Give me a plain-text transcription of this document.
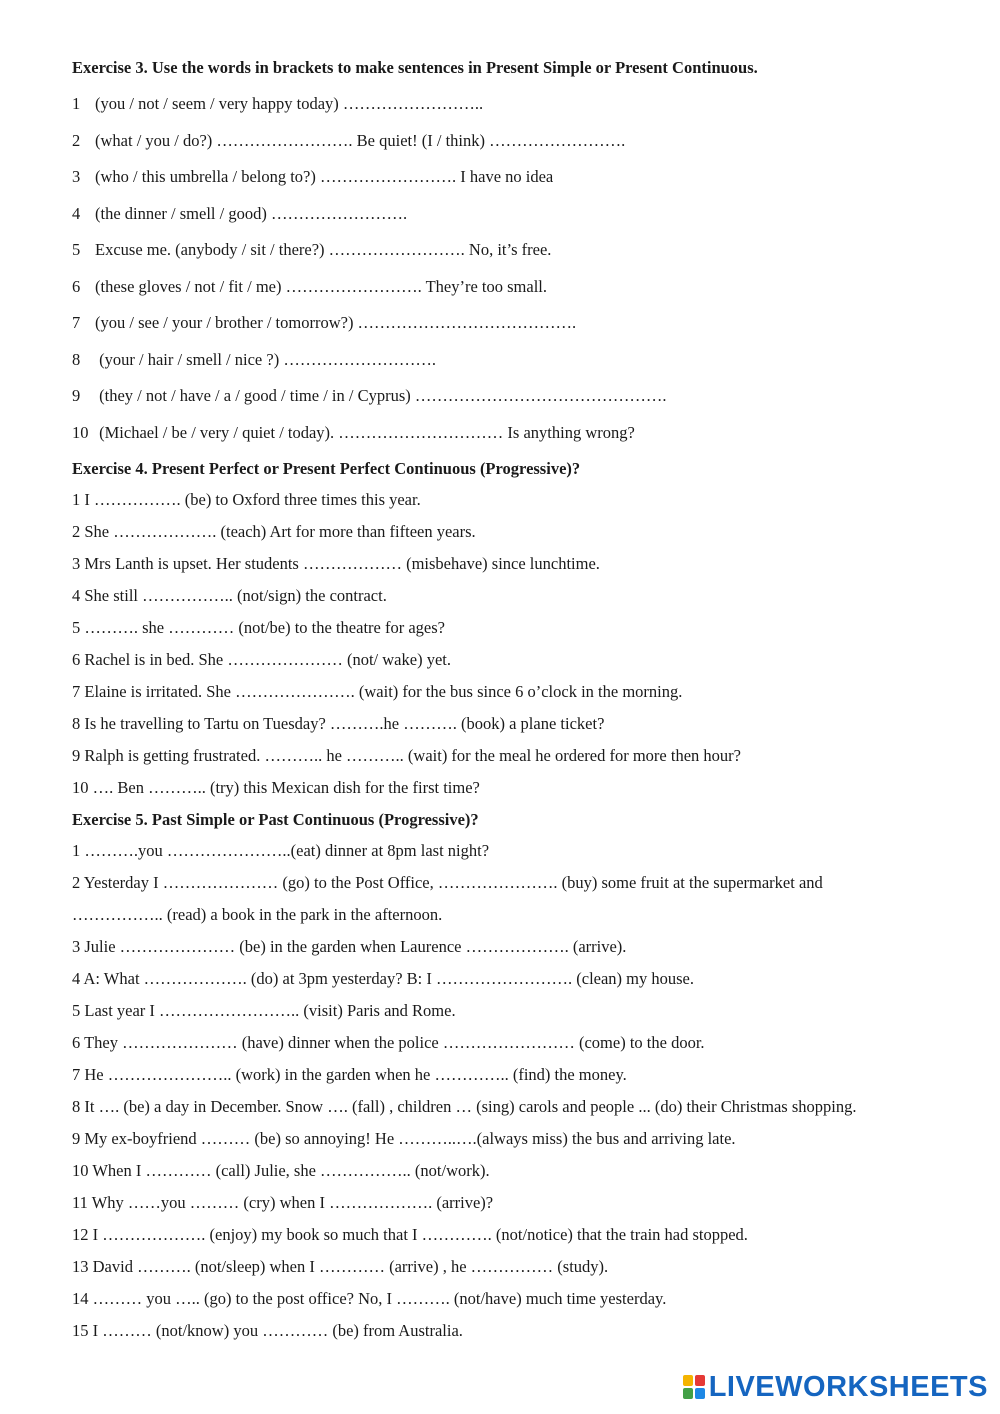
Exercise 3. Use the words in brackets to make sentences in Present Simple or Present Continuous.

1 (you / not / seem / very happy today) ……………………..

2 (what / you / do?) ……………………. Be quiet! (I / think) …………………….

3 (who / this umbrella / belong to?) ……………………. I have no idea

4 (the dinner / smell / good) …………………….

5 Excuse me. (anybody / sit / there?) ……………………. No, it’s free.

6 (these gloves / not / fit / me) ……………………. They’re too small.

7 (you / see / your / brother / tomorrow?) ………………………………….

8 (your / hair / smell / nice ?) ……………………….

9 (they / not / have / a / good / time / in / Cyprus) ……………………………………….

10 (Michael / be / very / quiet / today). ………………………… Is anything wrong?

Exercise 4. Present Perfect or Present Perfect Continuous (Progressive)?

1 I ……………. (be) to Oxford three times this year.

2 She ………………. (teach) Art for more than fifteen years.

3 Mrs Lanth is upset. Her students ……………… (misbehave) since lunchtime.

4 She still …………….. (not/sign) the contract.

5 ………. she ………… (not/be) to the theatre for ages?

6 Rachel is in bed. She ………………… (not/ wake) yet.

7 Elaine is irritated. She …………………. (wait) for the bus since 6 o’clock in the morning.

8 Is he travelling to Tartu on Tuesday? ……….he ………. (book) a plane ticket?

9 Ralph is getting frustrated. ……….. he ……….. (wait) for the meal he ordered for more then hour?

10 …. Ben ……….. (try) this Mexican dish for the first time?

Exercise 5. Past Simple or Past Continuous (Progressive)?

1 ……….you …………………..(eat) dinner at 8pm last night?

2 Yesterday I ………………… (go) to the Post Office, …………………. (buy) some fruit at the supermarket and

…………….. (read) a book in the park in the afternoon.

3 Julie ………………… (be) in the garden when Laurence ………………. (arrive).

4 A: What ………………. (do) at 3pm yesterday? B: I ……………………. (clean) my house.

5 Last year I …………………….. (visit) Paris and Rome.

6 They ………………… (have) dinner when the police …………………… (come) to the door.

7 He ………………….. (work) in the garden when he ………….. (find) the money.

8 It …. (be) a day in December. Snow …. (fall) , children … (sing) carols and people ... (do) their Christmas shopping.

9 My ex-boyfriend ……… (be) so annoying! He ………..….(always miss) the bus and arriving late.

10 When I ………… (call) Julie, she …………….. (not/work).

11 Why ……you ……… (cry) when I ………………. (arrive)?

12 I ………………. (enjoy) my book so much that I …………. (not/notice) that the train had stopped.

13 David ………. (not/sleep) when I ………… (arrive) , he …………… (study).

14 ……… you ….. (go) to the post office? No, I ………. (not/have) much time yesterday.

15 I ……… (not/know) you ………… (be) from Australia.

LIVEWORKSHEETS
